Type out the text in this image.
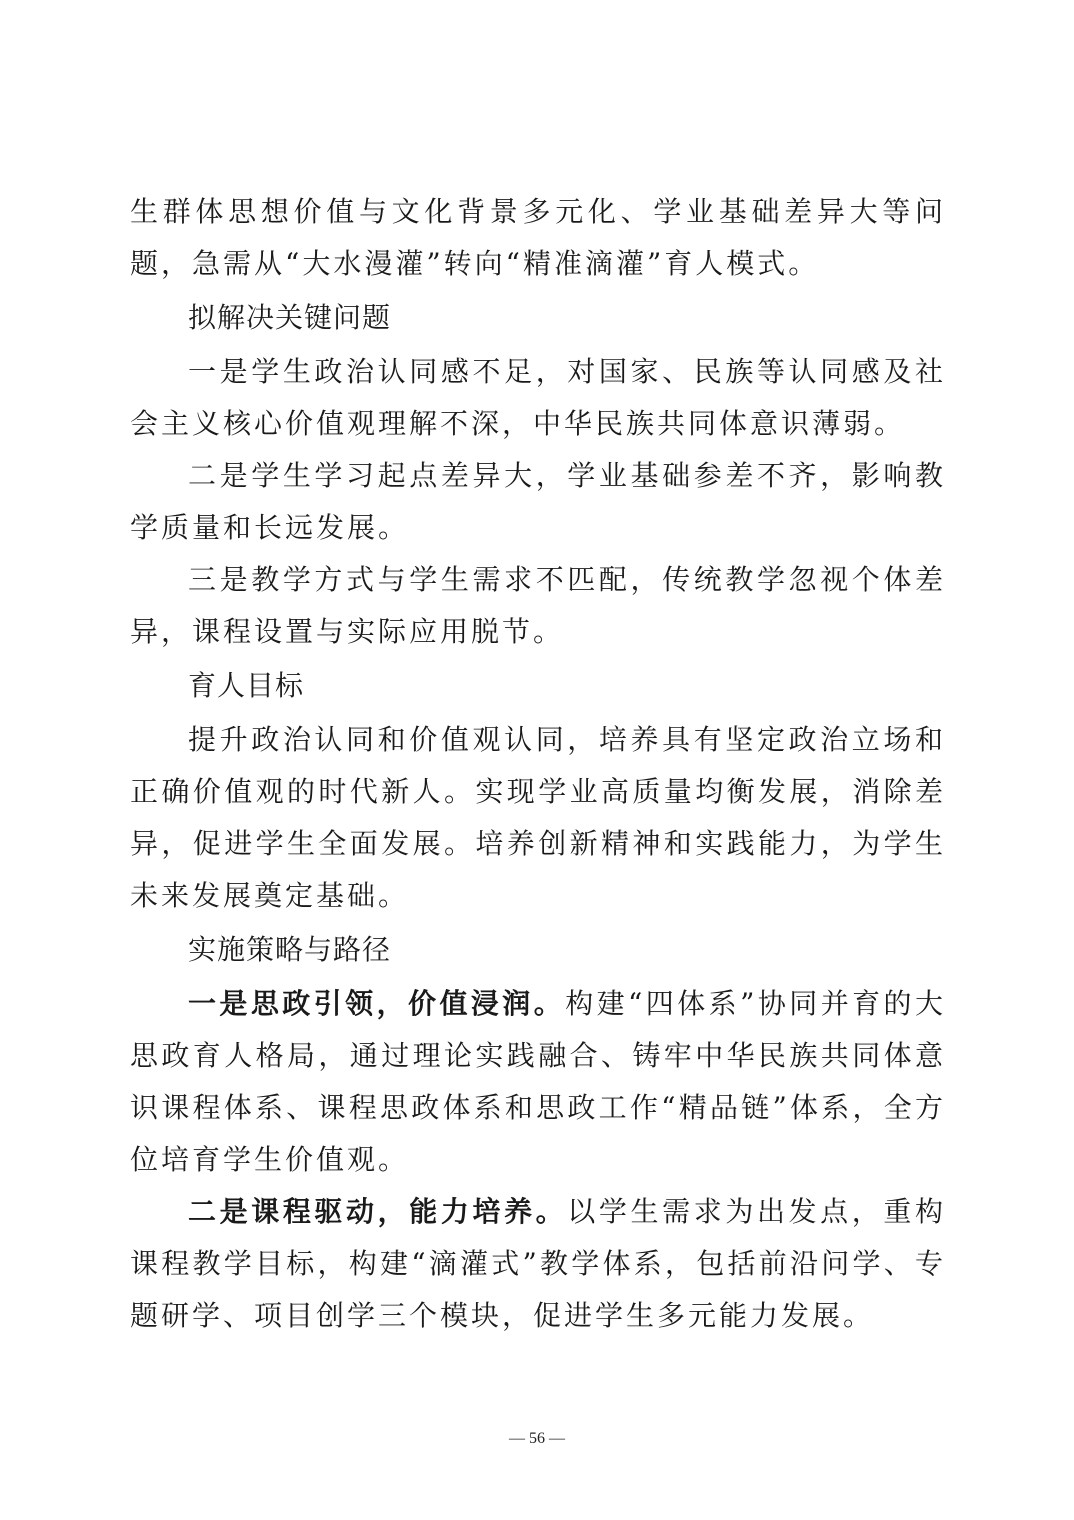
生群体思想价值与文化背景多元化、学业基础差异大等问题，急需从“大水漫灌”转向“精准滴灌”育人模式。

拟解决关键问题

一是学生政治认同感不足，对国家、民族等认同感及社会主义核心价值观理解不深，中华民族共同体意识薄弱。

二是学生学习起点差异大，学业基础参差不齐，影响教学质量和长远发展。

三是教学方式与学生需求不匹配，传统教学忽视个体差异，课程设置与实际应用脱节。

育人目标

提升政治认同和价值观认同，培养具有坚定政治立场和正确价值观的时代新人。实现学业高质量均衡发展，消除差异，促进学生全面发展。培养创新精神和实践能力，为学生未来发展奠定基础。

实施策略与路径

一是思政引领，价值浸润。构建“四体系”协同并育的大思政育人格局，通过理论实践融合、铸牢中华民族共同体意识课程体系、课程思政体系和思政工作“精品链”体系，全方位培育学生价值观。

二是课程驱动，能力培养。以学生需求为出发点，重构课程教学目标，构建“滴灌式”教学体系，包括前沿问学、专题研学、项目创学三个模块，促进学生多元能力发展。

— 56 —
